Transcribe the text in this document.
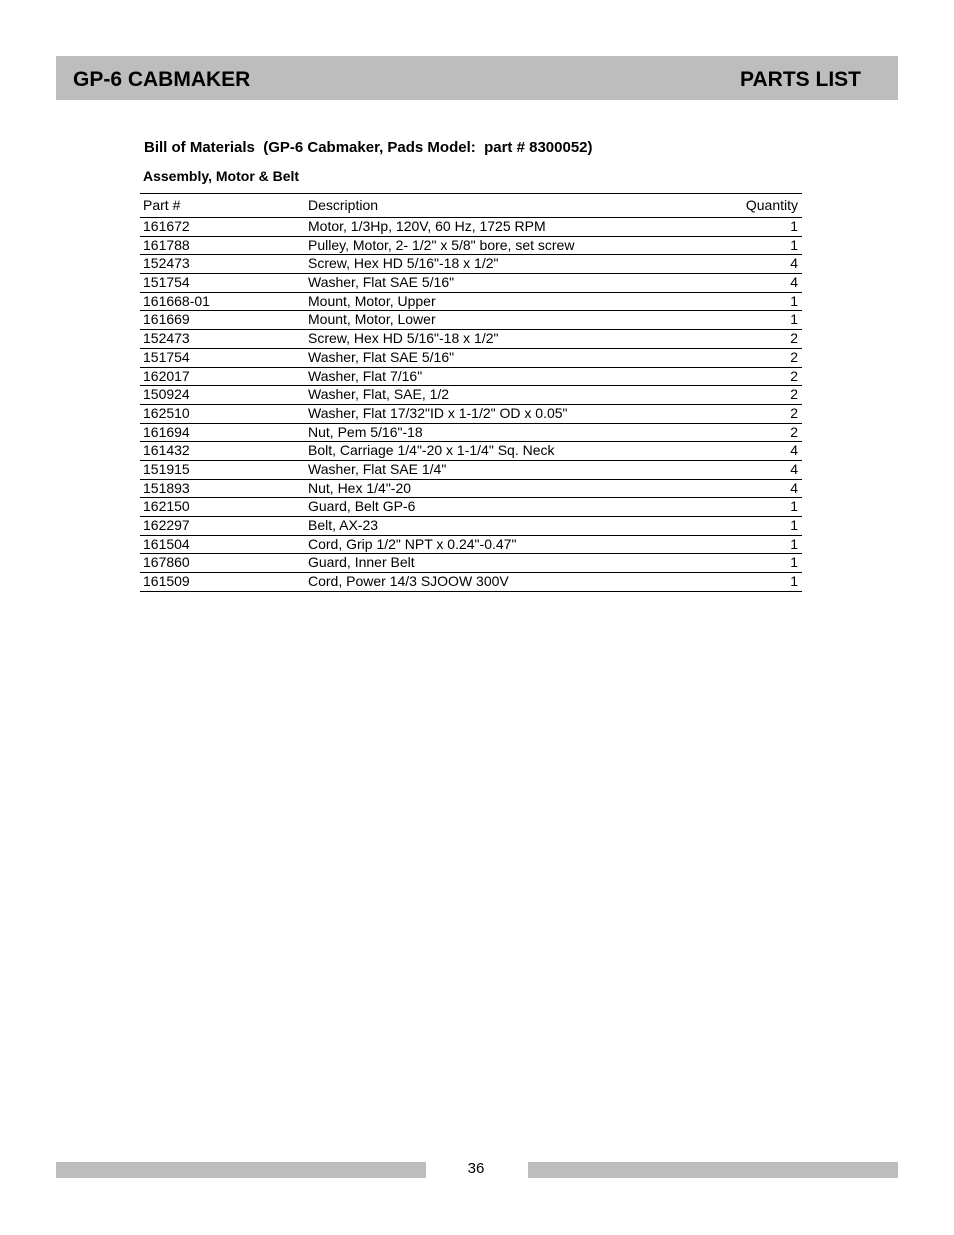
GP-6 CABMAKER	PARTS LIST
Bill of Materials  (GP-6 Cabmaker, Pads Model:  part # 8300052)
Assembly, Motor & Belt
Part #	Description	Quantity
161672	Motor, 1/3Hp, 120V, 60 Hz, 1725 RPM	1
161788	Pulley, Motor, 2- 1/2" x 5/8" bore, set screw	1
152473	Screw, Hex HD 5/16"-18 x 1/2"	4
151754	Washer, Flat SAE 5/16"	4
161668-01	Mount, Motor, Upper	1
161669	Mount, Motor, Lower	1
152473	Screw, Hex HD 5/16"-18 x 1/2"	2
151754	Washer, Flat SAE 5/16"	2
162017	Washer, Flat 7/16"	2
150924	Washer, Flat, SAE, 1/2	2
162510	Washer, Flat 17/32"ID x 1-1/2" OD x 0.05"	2
161694	Nut, Pem 5/16"-18	2
161432	Bolt, Carriage 1/4"-20 x 1-1/4" Sq. Neck	4
151915	Washer, Flat SAE 1/4"	4
151893	Nut, Hex 1/4"-20	4
162150	Guard, Belt GP-6	1
162297	Belt, AX-23	1
161504	Cord, Grip 1/2" NPT x 0.24"-0.47"	1
167860	Guard, Inner Belt	1
161509	Cord, Power 14/3 SJOOW 300V	1
36
